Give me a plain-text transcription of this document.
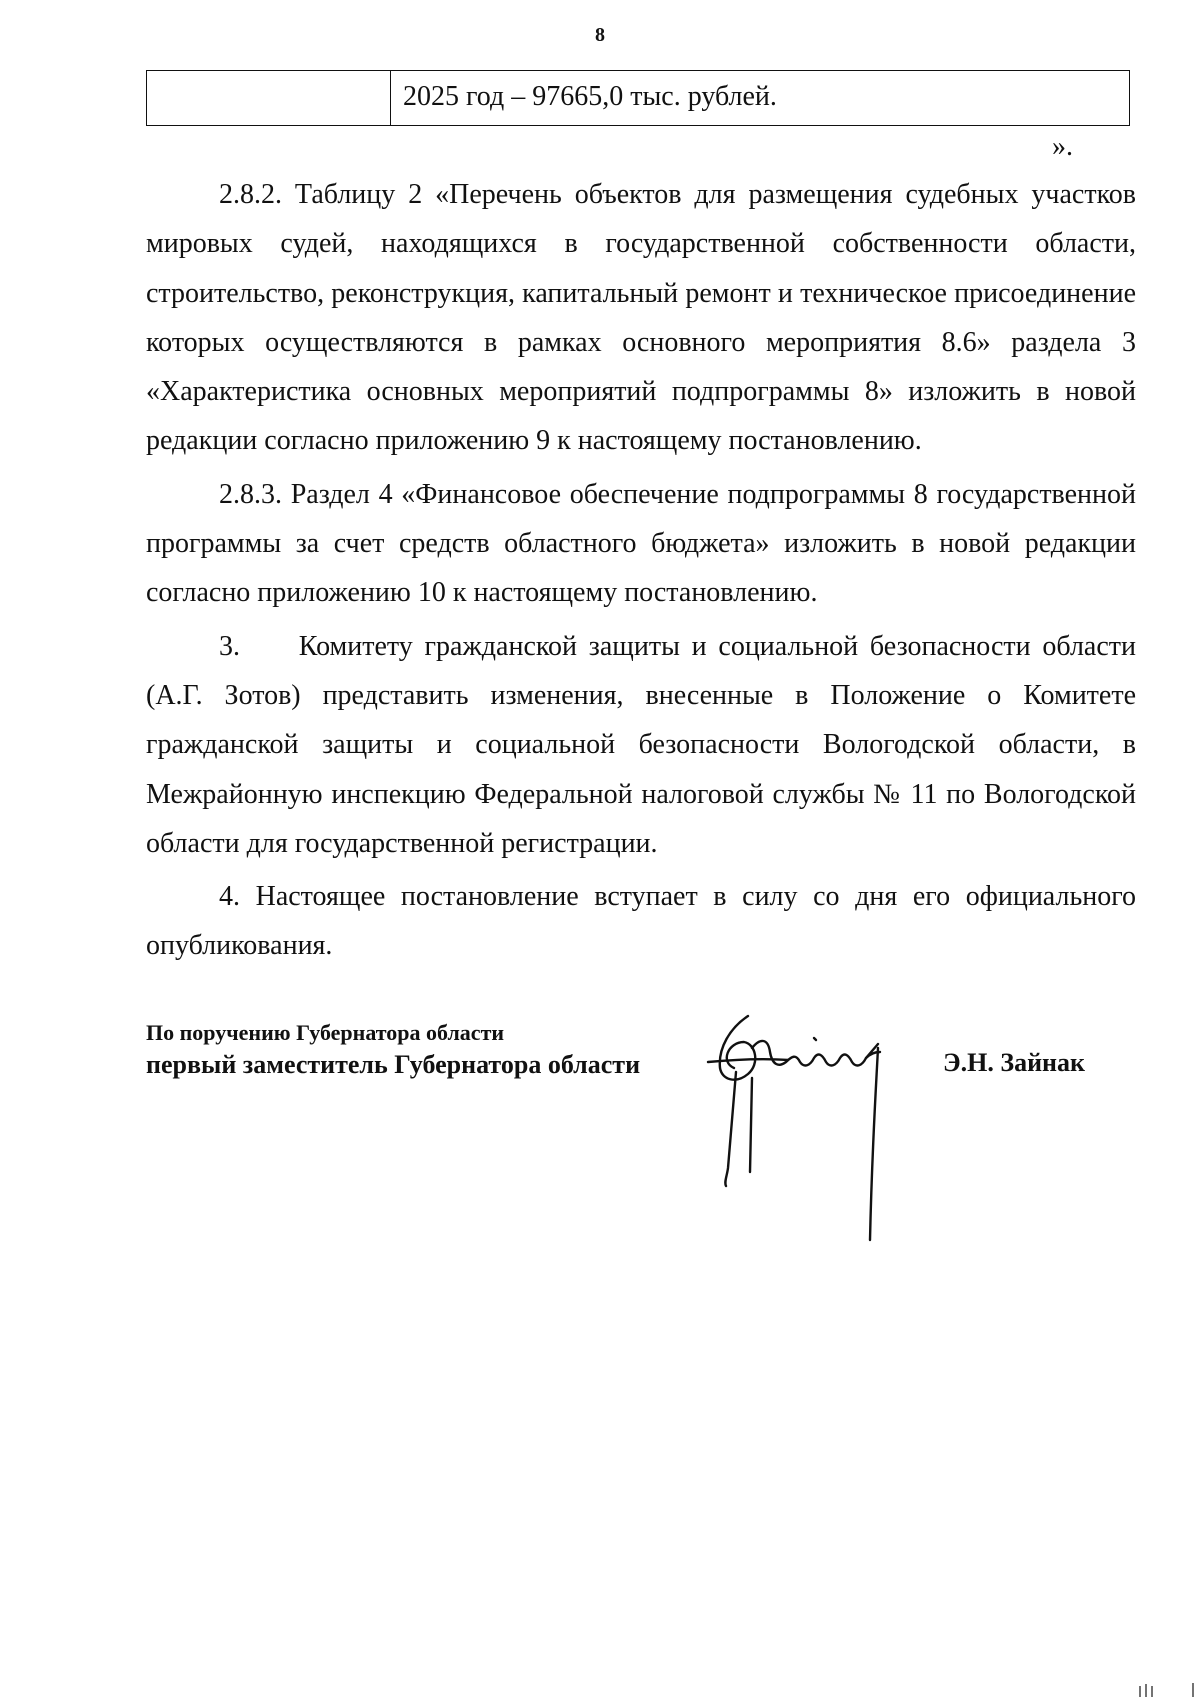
8
2025 год – 97665,0 тыс. рублей.
».

2.8.2. Таблицу 2 «Перечень объектов для размещения судебных участков мировых судей, находящихся в государственной собственности области, строительство, реконструкция, капитальный ремонт и техническое присоединение которых осуществляются в рамках основного мероприятия 8.6» раздела 3 «Характеристика основных мероприятий подпрограммы 8» изложить в новой редакции согласно приложению 9 к настоящему постановлению.

2.8.3. Раздел 4 «Финансовое обеспечение подпрограммы 8 государственной программы за счет средств областного бюджета» изложить в новой редакции согласно приложению 10 к настоящему постановлению.

3.     Комитету гражданской защиты и социальной безопасности области (А.Г. Зотов) представить изменения, внесенные в Положение о Комитете гражданской защиты и социальной безопасности Вологодской области, в Межрайонную инспекцию Федеральной налоговой службы № 11 по Вологодской области для государственной регистрации.

4. Настоящее постановление вступает в силу со дня его официального опубликования.

По поручению Губернатора области
первый заместитель Губернатора области	Э.Н. Зайнак
